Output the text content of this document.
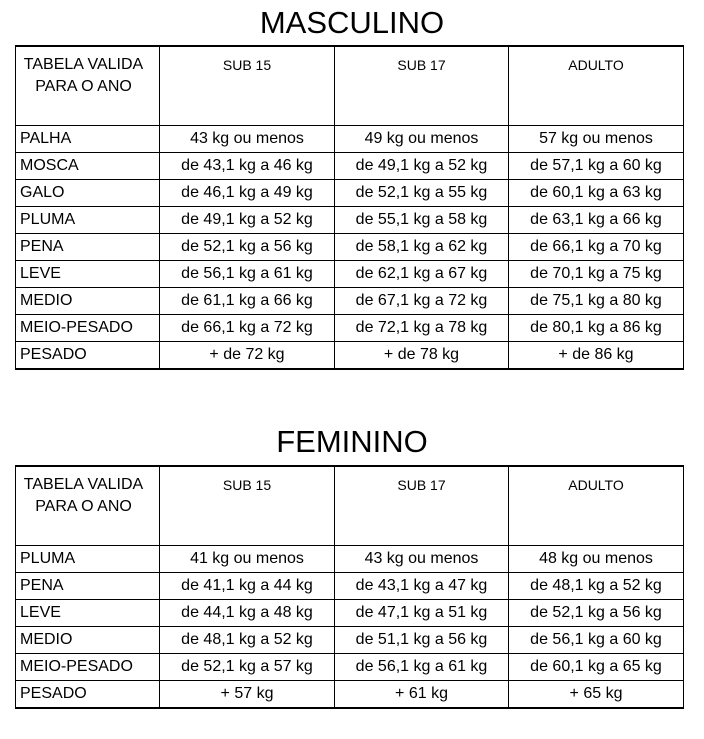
MASCULINO
TABELA VALIDA PARA O ANO	SUB 15	SUB 17	ADULTO
PALHA	43 kg ou menos	49 kg ou menos	57 kg ou menos
MOSCA	de 43,1 kg a 46 kg	de 49,1 kg a 52 kg	de 57,1 kg a 60 kg
GALO	de 46,1 kg a 49 kg	de 52,1 kg a 55 kg	de 60,1 kg a 63 kg
PLUMA	de 49,1 kg a 52 kg	de 55,1 kg a 58 kg	de 63,1 kg a 66 kg
PENA	de 52,1 kg a 56 kg	de 58,1 kg a 62 kg	de 66,1 kg a 70 kg
LEVE	de 56,1 kg a 61 kg	de 62,1 kg a 67 kg	de 70,1 kg a 75 kg
MEDIO	de 61,1 kg a 66 kg	de 67,1 kg a 72 kg	de 75,1 kg a 80 kg
MEIO-PESADO	de 66,1 kg a 72 kg	de 72,1 kg a 78 kg	de 80,1 kg a 86 kg
PESADO	+ de 72 kg	+ de 78 kg	+ de 86 kg
FEMININO
TABELA VALIDA PARA O ANO	SUB 15	SUB 17	ADULTO
PLUMA	41 kg ou menos	43 kg ou menos	48 kg ou menos
PENA	de 41,1 kg a 44 kg	de 43,1 kg a 47 kg	de 48,1 kg a 52 kg
LEVE	de 44,1 kg a 48 kg	de 47,1 kg a 51 kg	de 52,1 kg a 56 kg
MEDIO	de 48,1 kg a 52 kg	de 51,1 kg a 56 kg	de 56,1 kg a 60 kg
MEIO-PESADO	de 52,1 kg a 57 kg	de 56,1 kg a 61 kg	de 60,1 kg a 65 kg
PESADO	+ 57 kg	+ 61 kg	+ 65 kg
